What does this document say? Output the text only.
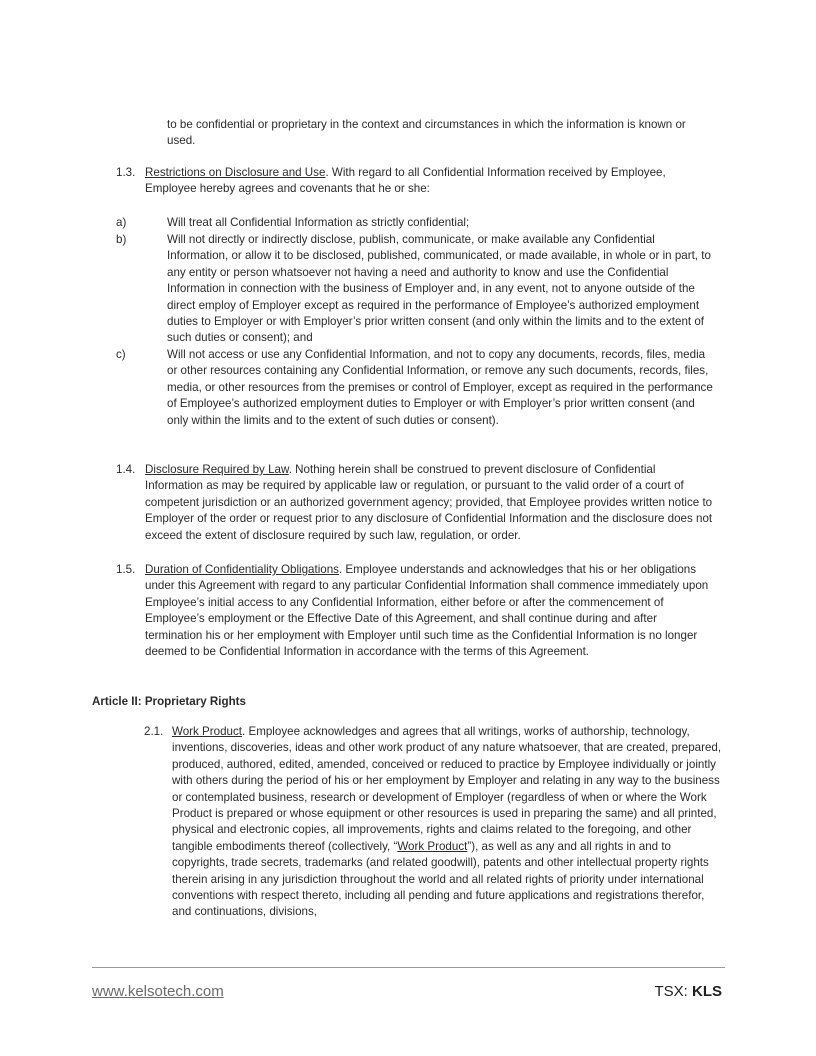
to be confidential or proprietary in the context and circumstances in which the information is known or used.

1.3. Restrictions on Disclosure and Use. With regard to all Confidential Information received by Employee, Employee hereby agrees and covenants that he or she:

a)	Will treat all Confidential Information as strictly confidential;

b)	Will not directly or indirectly disclose, publish, communicate, or make available any Confidential Information, or allow it to be disclosed, published, communicated, or made available, in whole or in part, to any entity or person whatsoever not having a need and authority to know and use the Confidential Information in connection with the business of Employer and, in any event, not to anyone outside of the direct employ of Employer except as required in the performance of Employee’s authorized employment duties to Employer or with Employer’s prior written consent (and only within the limits and to the extent of such duties or consent); and

c)	Will not access or use any Confidential Information, and not to copy any documents, records, files, media or other resources containing any Confidential Information, or remove any such documents, records, files, media, or other resources from the premises or control of Employer, except as required in the performance of Employee’s authorized employment duties to Employer or with Employer’s prior written consent (and only within the limits and to the extent of such duties or consent).

1.4. Disclosure Required by Law. Nothing herein shall be construed to prevent disclosure of Confidential Information as may be required by applicable law or regulation, or pursuant to the valid order of a court of competent jurisdiction or an authorized government agency; provided, that Employee provides written notice to Employer of the order or request prior to any disclosure of Confidential Information and the disclosure does not exceed the extent of disclosure required by such law, regulation, or order.

1.5. Duration of Confidentiality Obligations. Employee understands and acknowledges that his or her obligations under this Agreement with regard to any particular Confidential Information shall commence immediately upon Employee’s initial access to any Confidential Information, either before or after the commencement of Employee’s employment or the Effective Date of this Agreement, and shall continue during and after termination his or her employment with Employer until such time as the Confidential Information is no longer deemed to be Confidential Information in accordance with the terms of this Agreement.

Article II: Proprietary Rights

2.1. Work Product. Employee acknowledges and agrees that all writings, works of authorship, technology, inventions, discoveries, ideas and other work product of any nature whatsoever, that are created, prepared, produced, authored, edited, amended, conceived or reduced to practice by Employee individually or jointly with others during the period of his or her employment by Employer and relating in any way to the business or contemplated business, research or development of Employer (regardless of when or where the Work Product is prepared or whose equipment or other resources is used in preparing the same) and all printed, physical and electronic copies, all improvements, rights and claims related to the foregoing, and other tangible embodiments thereof (collectively, “Work Product”), as well as any and all rights in and to copyrights, trade secrets, trademarks (and related goodwill), patents and other intellectual property rights therein arising in any jurisdiction throughout the world and all related rights of priority under international conventions with respect thereto, including all pending and future applications and registrations therefor, and continuations, divisions,

www.kelsotech.com	TSX: KLS
